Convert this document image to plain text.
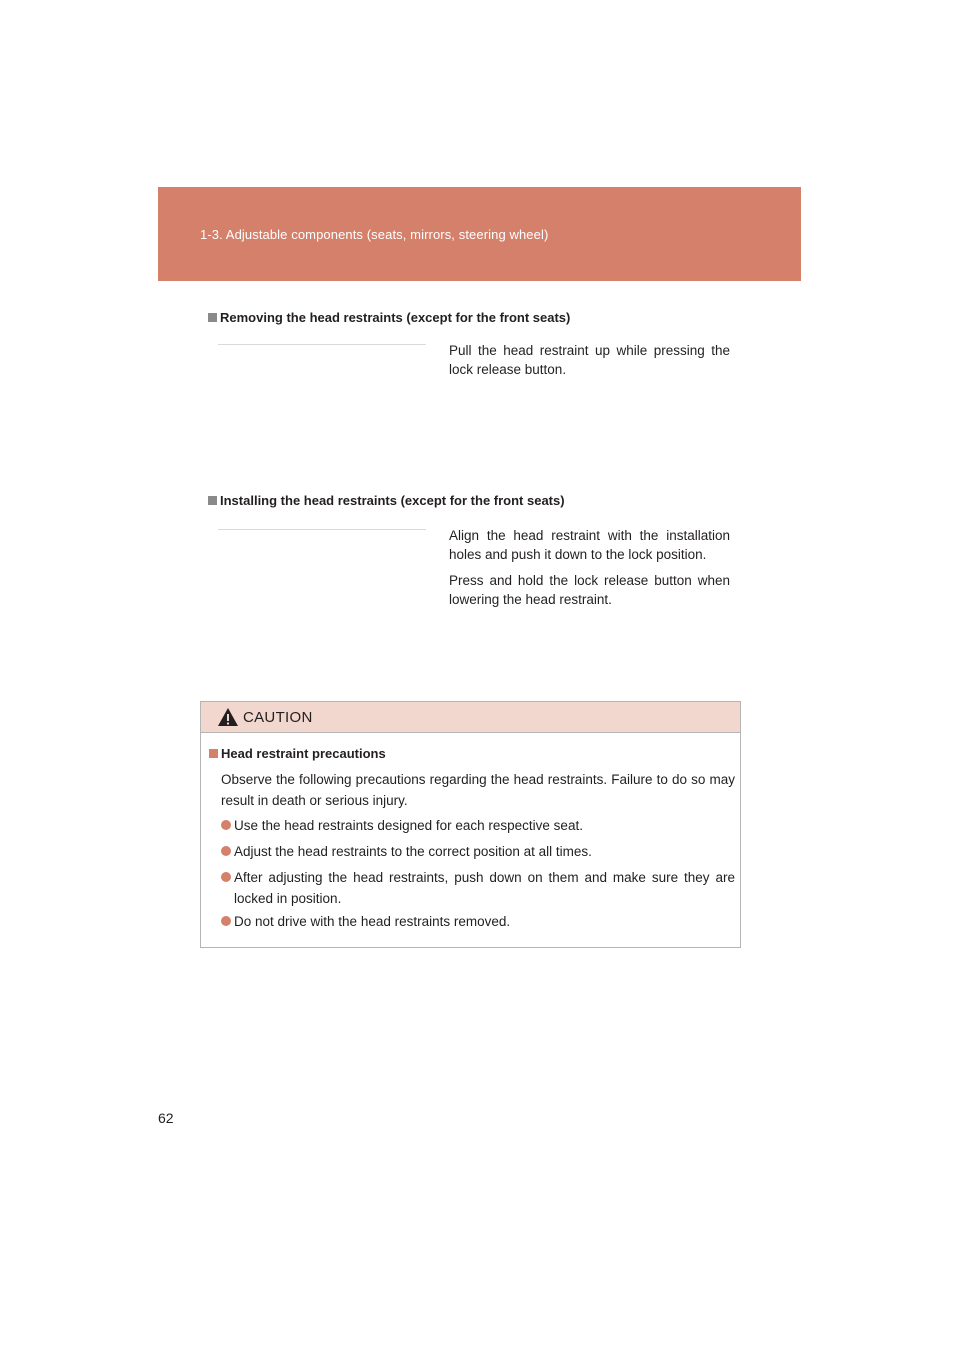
1-3. Adjustable components (seats, mirrors, steering wheel)
Removing the head restraints (except for the front seats)

Pull the head restraint up while pressing the lock release button.

Installing the head restraints (except for the front seats)

Align the head restraint with the installation holes and push it down to the lock position.

Press and hold the lock release button when lowering the head restraint.

CAUTION
Head restraint precautions

Observe the following precautions regarding the head restraints. Failure to do so may result in death or serious injury.

Use the head restraints designed for each respective seat.
Adjust the head restraints to the correct position at all times.
After adjusting the head restraints, push down on them and make sure they are locked in position.
Do not drive with the head restraints removed.
62
